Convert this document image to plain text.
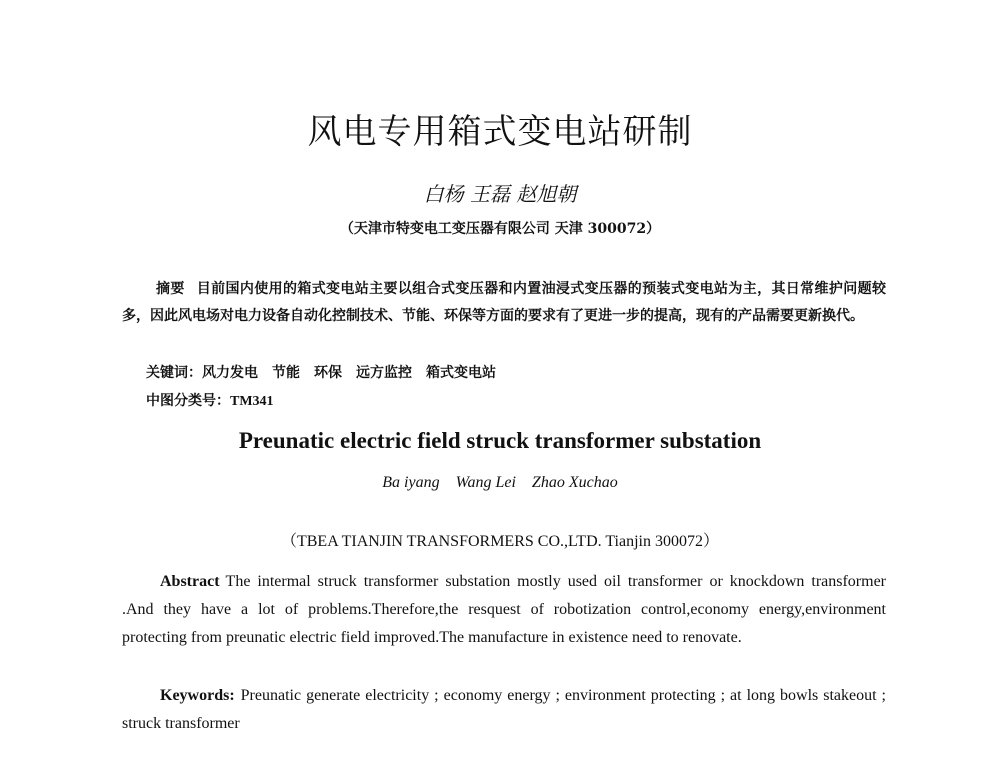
风电专用箱式变电站研制
白杨 王磊 赵旭朝
（天津市特变电工变压器有限公司 天津 300072）
摘要 目前国内使用的箱式变电站主要以组合式变压器和内置油浸式变压器的预装式变电站为主，其日常维护问题较多，因此风电场对电力设备自动化控制技术、节能、环保等方面的要求有了更进一步的提高，现有的产品需要更新换代。
关键词：风力发电 节能 环保 远方监控 箱式变电站
中图分类号：TM341
Preunatic electric field struck transformer substation
Ba iyang Wang Lei Zhao Xuchao
（TBEA TIANJIN TRANSFORMERS CO.,LTD. Tianjin 300072）
Abstract The intermal struck transformer substation mostly used oil transformer or knockdown transformer .And they have a lot of problems.Therefore,the resquest of robotization control,economy energy,environment protecting from preunatic electric field improved.The manufacture in existence need to renovate.
Keywords: Preunatic generate electricity ; economy energy ; environment protecting ; at long bowls stakeout ; struck transformer
